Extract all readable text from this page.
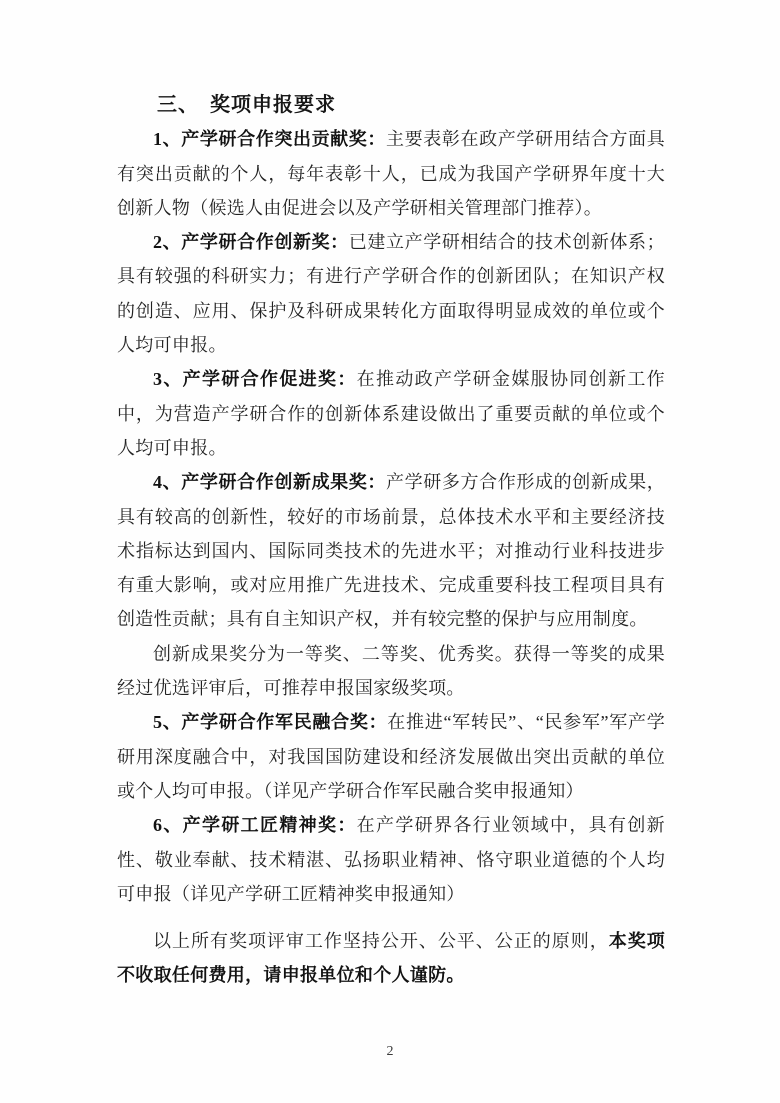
三、　奖项申报要求

1、产学研合作突出贡献奖：主要表彰在政产学研用结合方面具有突出贡献的个人，每年表彰十人，已成为我国产学研界年度十大创新人物（候选人由促进会以及产学研相关管理部门推荐）。

2、产学研合作创新奖：已建立产学研相结合的技术创新体系；具有较强的科研实力；有进行产学研合作的创新团队；在知识产权的创造、应用、保护及科研成果转化方面取得明显成效的单位或个人均可申报。

3、产学研合作促进奖：在推动政产学研金媒服协同创新工作中，为营造产学研合作的创新体系建设做出了重要贡献的单位或个人均可申报。

4、产学研合作创新成果奖：产学研多方合作形成的创新成果，具有较高的创新性，较好的市场前景，总体技术水平和主要经济技术指标达到国内、国际同类技术的先进水平；对推动行业科技进步有重大影响，或对应用推广先进技术、完成重要科技工程项目具有创造性贡献；具有自主知识产权，并有较完整的保护与应用制度。

创新成果奖分为一等奖、二等奖、优秀奖。获得一等奖的成果经过优选评审后，可推荐申报国家级奖项。

5、产学研合作军民融合奖：在推进“军转民”、“民参军”军产学研用深度融合中，对我国国防建设和经济发展做出突出贡献的单位或个人均可申报。（详见产学研合作军民融合奖申报通知）

6、产学研工匠精神奖：在产学研界各行业领域中，具有创新性、敬业奉献、技术精湛、弘扬职业精神、恪守职业道德的个人均可申报（详见产学研工匠精神奖申报通知）

以上所有奖项评审工作坚持公开、公平、公正的原则，本奖项不收取任何费用，请申报单位和个人谨防。

2
